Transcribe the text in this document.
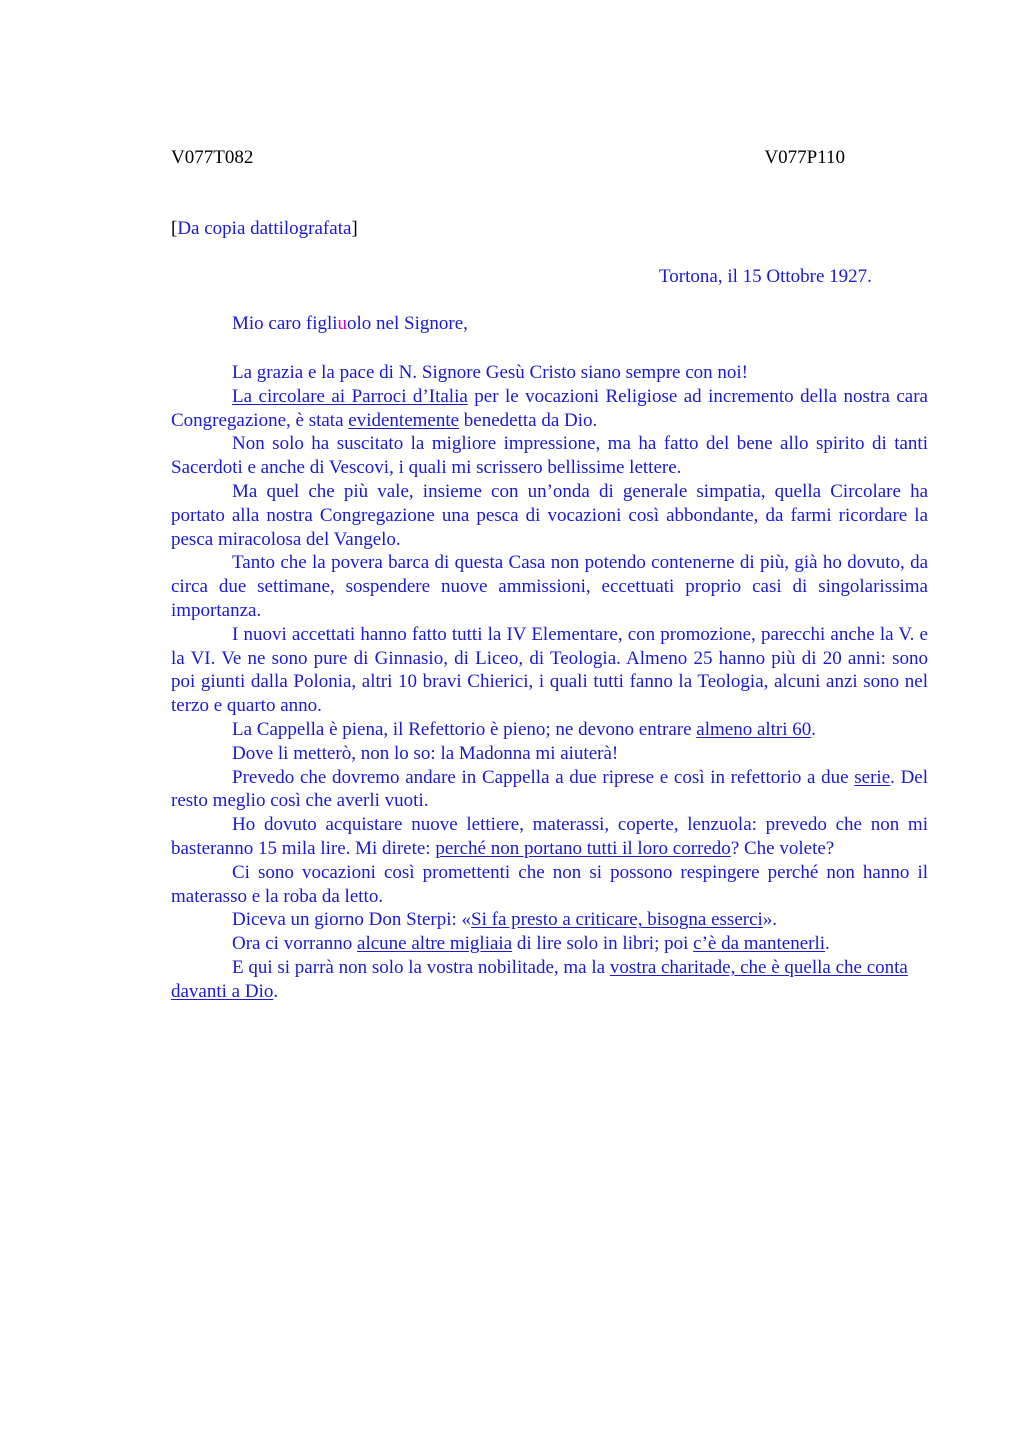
V077T082	V077P110
[Da copia dattilografata]
Tortona, il 15 Ottobre 1927.
Mio caro figliuolo nel Signore,

La grazia e la pace di N. Signore Gesù Cristo siano sempre con noi!

La circolare ai Parroci d’Italia per le vocazioni Religiose ad incremento della nostra cara Congregazione, è stata evidentemente benedetta da Dio.

Non solo ha suscitato la migliore impressione, ma ha fatto del bene allo spirito di tanti Sacerdoti e anche di Vescovi, i quali mi scrissero bellissime lettere.

Ma quel che più vale, insieme con un’onda di generale simpatia, quella Circolare ha portato alla nostra Congregazione una pesca di vocazioni così abbondante, da farmi ricordare la pesca miracolosa del Vangelo.

Tanto che la povera barca di questa Casa non potendo contenerne di più, già ho dovuto, da circa due settimane, sospendere nuove ammissioni, eccettuati proprio casi di singolarissima importanza.

I nuovi accettati hanno fatto tutti la IV Elementare, con promozione, parecchi anche la V. e la VI. Ve ne sono pure di Ginnasio, di Liceo, di Teologia. Almeno 25 hanno più di 20 anni: sono poi giunti dalla Polonia, altri 10 bravi Chierici, i quali tutti fanno la Teologia, alcuni anzi sono nel terzo e quarto anno.

La Cappella è piena, il Refettorio è pieno; ne devono entrare almeno altri 60.

Dove li metterò, non lo so: la Madonna mi aiuterà!

Prevedo che dovremo andare in Cappella a due riprese e così in refettorio a due serie. Del resto meglio così che averli vuoti.

Ho dovuto acquistare nuove lettiere, materassi, coperte, lenzuola: prevedo che non mi basteranno 15 mila lire. Mi direte: perché non portano tutti il loro corredo? Che volete?

Ci sono vocazioni così promettenti che non si possono respingere perché non hanno il materasso e la roba da letto.

Diceva un giorno Don Sterpi: «Si fa presto a criticare, bisogna esserci».

Ora ci vorranno alcune altre migliaia di lire solo in libri; poi c’è da mantenerli.

E qui si parrà non solo la vostra nobilitade, ma la vostra charitade, che è quella che conta davanti a Dio.
